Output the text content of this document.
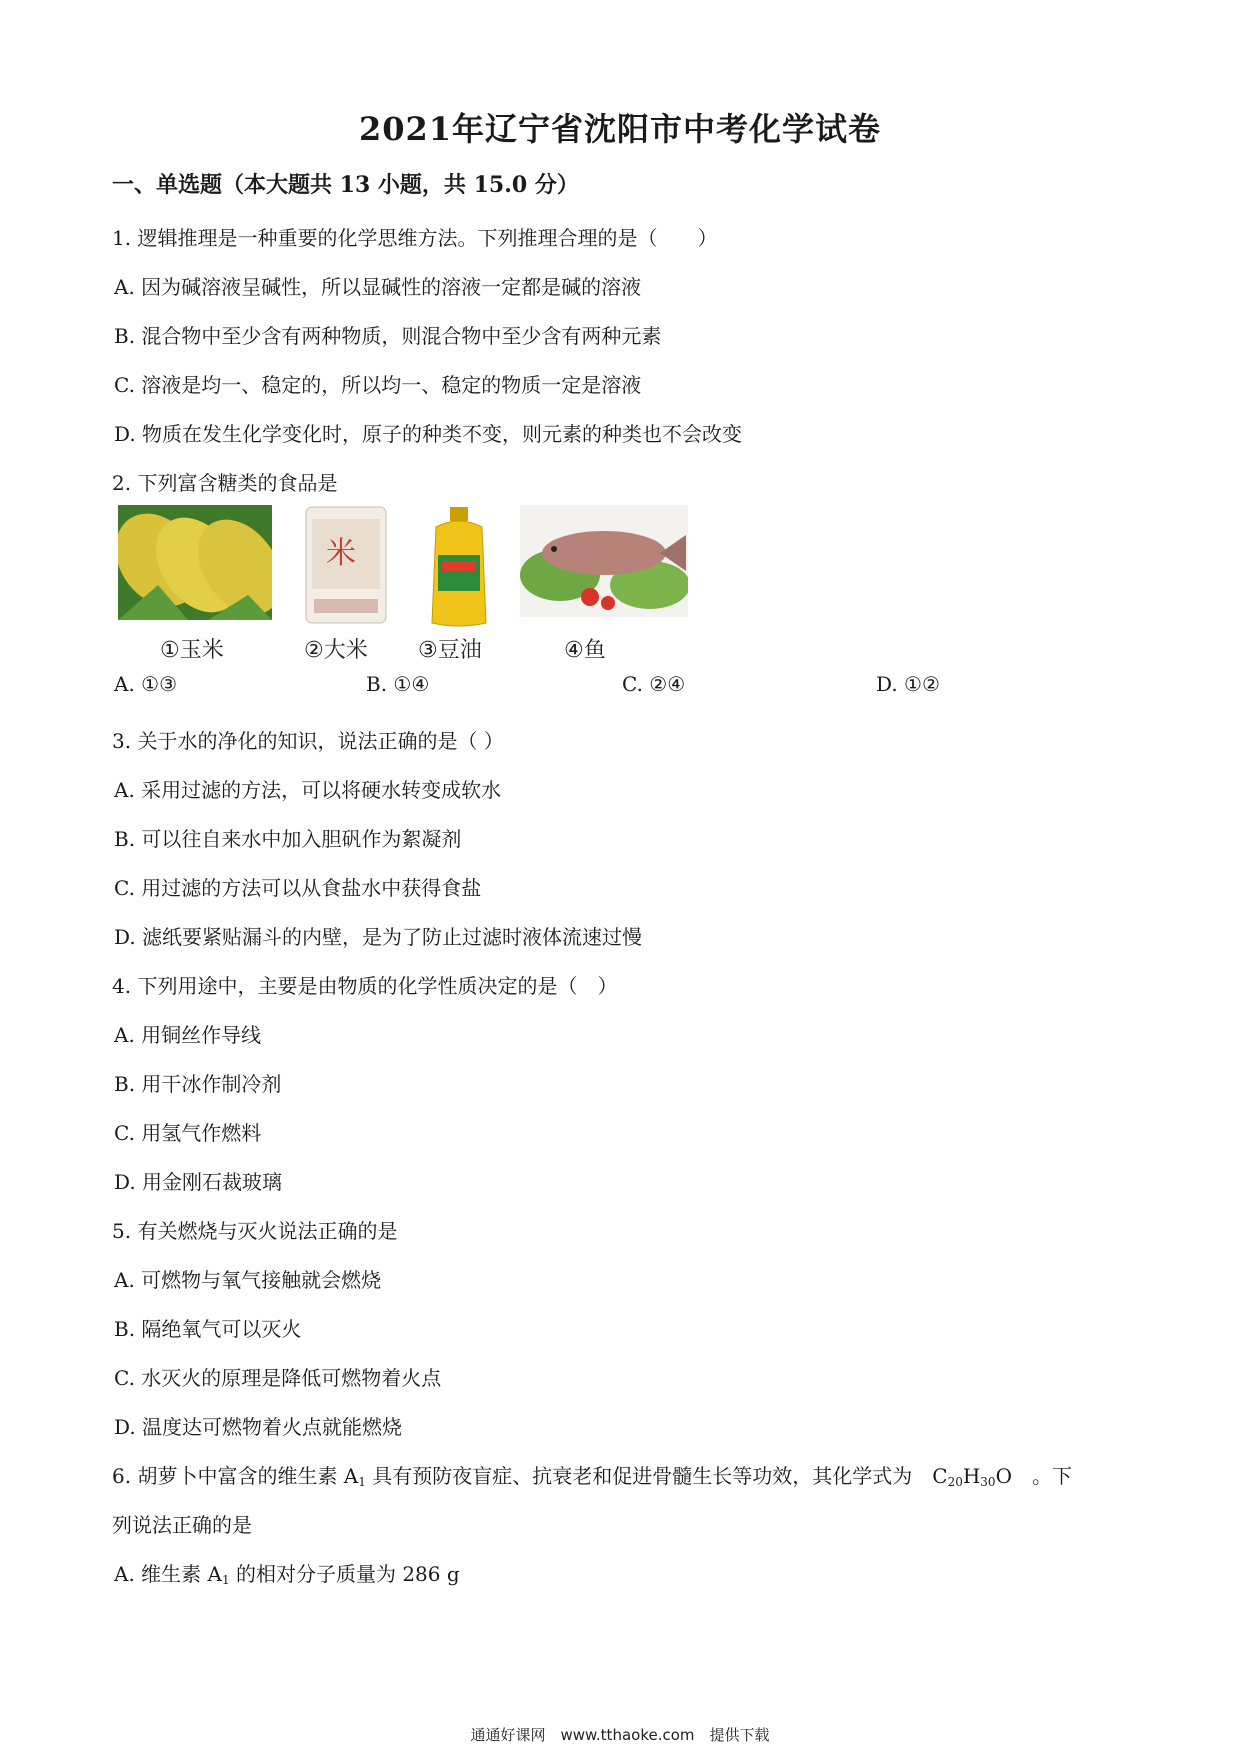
2021年辽宁省沈阳市中考化学试卷
一、单选题（本大题共 13 小题，共 15.0 分）
1. 逻辑推理是一种重要的化学思维方法。下列推理合理的是（　　）
A. 因为碱溶液呈碱性，所以显碱性的溶液一定都是碱的溶液
B. 混合物中至少含有两种物质，则混合物中至少含有两种元素
C. 溶液是均一、稳定的，所以均一、稳定的物质一定是溶液
D. 物质在发生化学变化时，原子的种类不变，则元素的种类也不会改变
2. 下列富含糖类的食品是
米
①玉米	②大米 ③豆油	④鱼
A. ①③	B. ①④	C. ②④	D. ①②
3. 关于水的净化的知识，说法正确的是（ ）
A. 采用过滤的方法，可以将硬水转变成软水
B. 可以往自来水中加入胆矾作为絮凝剂
C. 用过滤的方法可以从食盐水中获得食盐
D. 滤纸要紧贴漏斗的内壁，是为了防止过滤时液体流速过慢
4. 下列用途中，主要是由物质的化学性质决定的是（　）
A. 用铜丝作导线
B. 用干冰作制冷剂
C. 用氢气作燃料
D. 用金刚石裁玻璃
5. 有关燃烧与灭火说法正确的是
A. 可燃物与氧气接触就会燃烧
B. 隔绝氧气可以灭火
C. 水灭火的原理是降低可燃物着火点
D. 温度达可燃物着火点就能燃烧
6. 胡萝卜中富含的维生素 $A_1$ 具有预防夜盲症、抗衰老和促进骨髓生长等功效，其化学式为　$C_{20}H_{30}O$　。下
列说法正确的是
A. 维生素 $A_1$ 的相对分子质量为 286 g
通通好课网　www.tthaoke.com　提供下载
